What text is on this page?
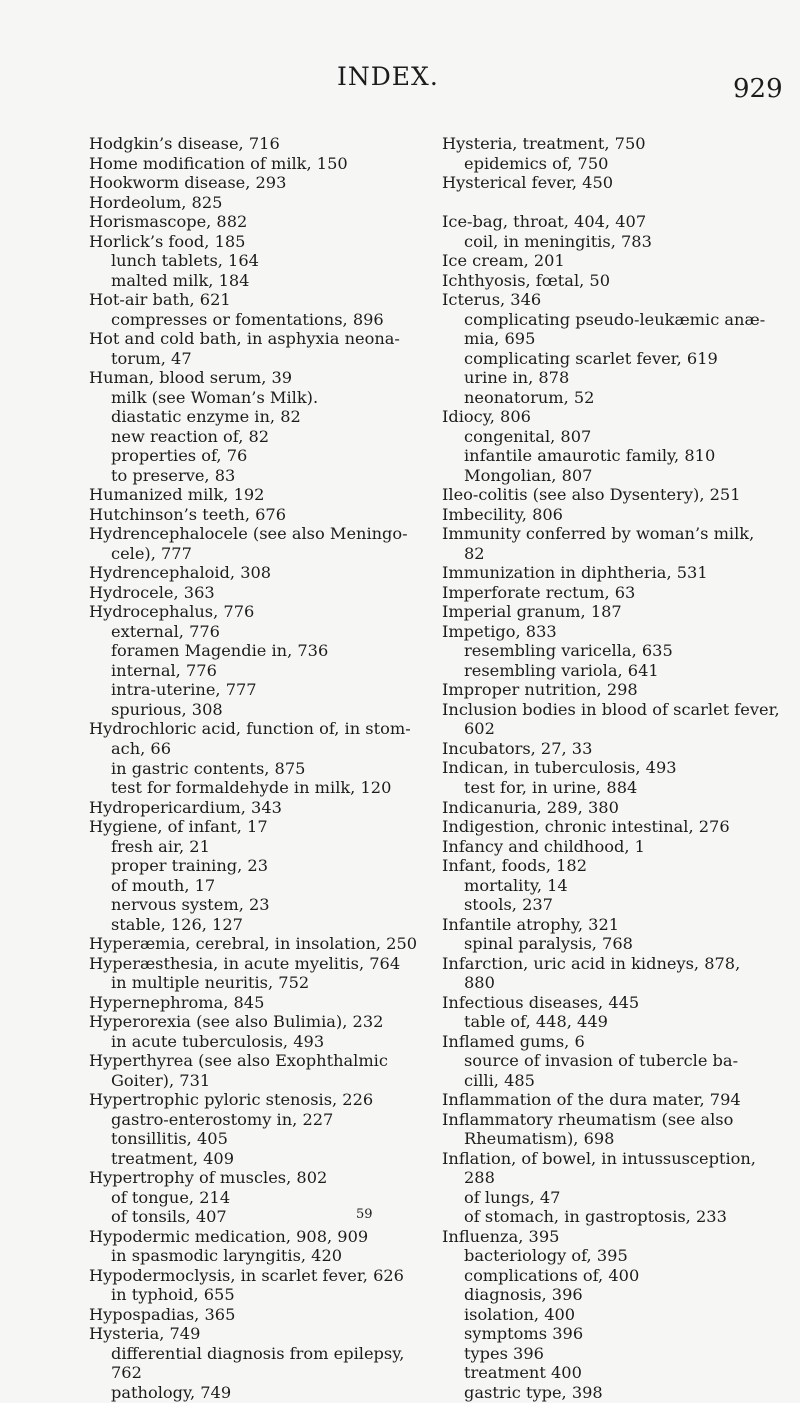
INDEX.	929
Hodgkin’s disease, 716
Home modification of milk, 150
Hookworm disease, 293
Hordeolum, 825
Horismascope, 882
Horlick’s food, 185
lunch tablets, 164
malted milk, 184
Hot-air bath, 621
compresses or fomentations, 896
Hot and cold bath, in asphyxia neona-
torum, 47
Human, blood serum, 39
milk (see Woman’s Milk).
diastatic enzyme in, 82
new reaction of, 82
properties of, 76
to preserve, 83
Humanized milk, 192
Hutchinson’s teeth, 676
Hydrencephalocele (see also Meningo-
cele), 777
Hydrencephaloid, 308
Hydrocele, 363
Hydrocephalus, 776
external, 776
foramen Magendie in, 736
internal, 776
intra-uterine, 777
spurious, 308
Hydrochloric acid, function of, in stom-
ach, 66
in gastric contents, 875
test for formaldehyde in milk, 120
Hydropericardium, 343
Hygiene, of infant, 17
fresh air, 21
proper training, 23
of mouth, 17
nervous system, 23
stable, 126, 127
Hyperæmia, cerebral, in insolation, 250
Hyperæsthesia, in acute myelitis, 764
in multiple neuritis, 752
Hypernephroma, 845
Hyperorexia (see also Bulimia), 232
in acute tuberculosis, 493
Hyperthyrea (see also Exophthalmic
Goiter), 731
Hypertrophic pyloric stenosis, 226
gastro-enterostomy in, 227
tonsillitis, 405
treatment, 409
Hypertrophy of muscles, 802
of tongue, 214
of tonsils, 407
Hypodermic medication, 908, 909
in spasmodic laryngitis, 420
Hypodermoclysis, in scarlet fever, 626
in typhoid, 655
Hypospadias, 365
Hysteria, 749
differential diagnosis from epilepsy,
762
pathology, 749
Hysteria, treatment, 750
epidemics of, 750
Hysterical fever, 450
Ice-bag, throat, 404, 407
coil, in meningitis, 783
Ice cream, 201
Ichthyosis, fœtal, 50
Icterus, 346
complicating pseudo-leukæmic anæ-
mia, 695
complicating scarlet fever, 619
urine in, 878
neonatorum, 52
Idiocy, 806
congenital, 807
infantile amaurotic family, 810
Mongolian, 807
Ileo-colitis (see also Dysentery), 251
Imbecility, 806
Immunity conferred by woman’s milk,
82
Immunization in diphtheria, 531
Imperforate rectum, 63
Imperial granum, 187
Impetigo, 833
resembling varicella, 635
resembling variola, 641
Improper nutrition, 298
Inclusion bodies in blood of scarlet fever,
602
Incubators, 27, 33
Indican, in tuberculosis, 493
test for, in urine, 884
Indicanuria, 289, 380
Indigestion, chronic intestinal, 276
Infancy and childhood, 1
Infant, foods, 182
mortality, 14
stools, 237
Infantile atrophy, 321
spinal paralysis, 768
Infarction, uric acid in kidneys, 878,
880
Infectious diseases, 445
table of, 448, 449
Inflamed gums, 6
source of invasion of tubercle ba-
cilli, 485
Inflammation of the dura mater, 794
Inflammatory rheumatism (see also
Rheumatism), 698
Inflation, of bowel, in intussusception,
288
of lungs, 47
of stomach, in gastroptosis, 233
Influenza, 395
bacteriology of, 395
complications of, 400
diagnosis, 396
isolation, 400
symptoms 396
types 396
treatment 400
gastric type, 398
59
